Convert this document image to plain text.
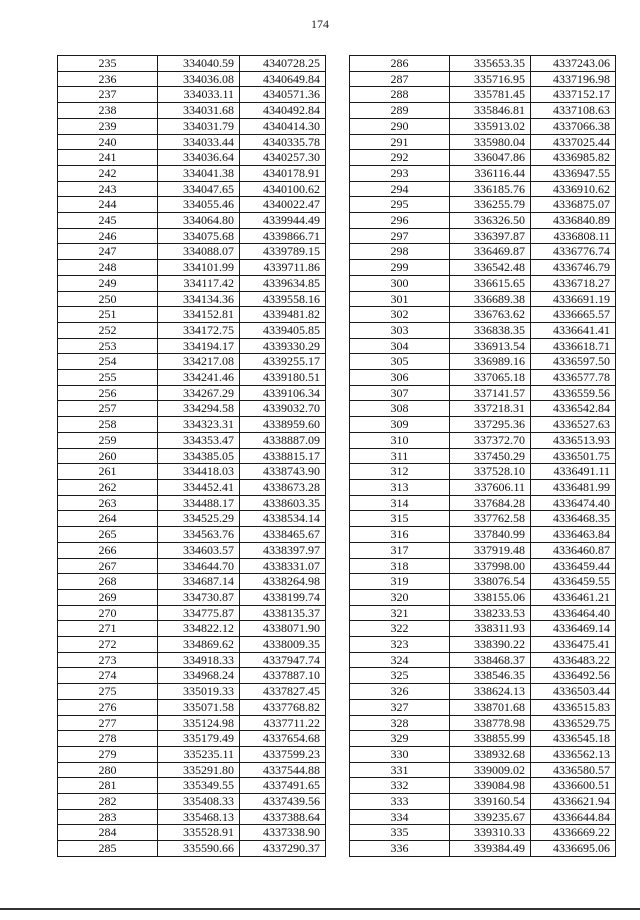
174
235	334040.59	4340728.25
236	334036.08	4340649.84
237	334033.11	4340571.36
238	334031.68	4340492.84
239	334031.79	4340414.30
240	334033.44	4340335.78
241	334036.64	4340257.30
242	334041.38	4340178.91
243	334047.65	4340100.62
244	334055.46	4340022.47
245	334064.80	4339944.49
246	334075.68	4339866.71
247	334088.07	4339789.15
248	334101.99	4339711.86
249	334117.42	4339634.85
250	334134.36	4339558.16
251	334152.81	4339481.82
252	334172.75	4339405.85
253	334194.17	4339330.29
254	334217.08	4339255.17
255	334241.46	4339180.51
256	334267.29	4339106.34
257	334294.58	4339032.70
258	334323.31	4338959.60
259	334353.47	4338887.09
260	334385.05	4338815.17
261	334418.03	4338743.90
262	334452.41	4338673.28
263	334488.17	4338603.35
264	334525.29	4338534.14
265	334563.76	4338465.67
266	334603.57	4338397.97
267	334644.70	4338331.07
268	334687.14	4338264.98
269	334730.87	4338199.74
270	334775.87	4338135.37
271	334822.12	4338071.90
272	334869.62	4338009.35
273	334918.33	4337947.74
274	334968.24	4337887.10
275	335019.33	4337827.45
276	335071.58	4337768.82
277	335124.98	4337711.22
278	335179.49	4337654.68
279	335235.11	4337599.23
280	335291.80	4337544.88
281	335349.55	4337491.65
282	335408.33	4337439.56
283	335468.13	4337388.64
284	335528.91	4337338.90
285	335590.66	4337290.37
286	335653.35	4337243.06
287	335716.95	4337196.98
288	335781.45	4337152.17
289	335846.81	4337108.63
290	335913.02	4337066.38
291	335980.04	4337025.44
292	336047.86	4336985.82
293	336116.44	4336947.55
294	336185.76	4336910.62
295	336255.79	4336875.07
296	336326.50	4336840.89
297	336397.87	4336808.11
298	336469.87	4336776.74
299	336542.48	4336746.79
300	336615.65	4336718.27
301	336689.38	4336691.19
302	336763.62	4336665.57
303	336838.35	4336641.41
304	336913.54	4336618.71
305	336989.16	4336597.50
306	337065.18	4336577.78
307	337141.57	4336559.56
308	337218.31	4336542.84
309	337295.36	4336527.63
310	337372.70	4336513.93
311	337450.29	4336501.75
312	337528.10	4336491.11
313	337606.11	4336481.99
314	337684.28	4336474.40
315	337762.58	4336468.35
316	337840.99	4336463.84
317	337919.48	4336460.87
318	337998.00	4336459.44
319	338076.54	4336459.55
320	338155.06	4336461.21
321	338233.53	4336464.40
322	338311.93	4336469.14
323	338390.22	4336475.41
324	338468.37	4336483.22
325	338546.35	4336492.56
326	338624.13	4336503.44
327	338701.68	4336515.83
328	338778.98	4336529.75
329	338855.99	4336545.18
330	338932.68	4336562.13
331	339009.02	4336580.57
332	339084.98	4336600.51
333	339160.54	4336621.94
334	339235.67	4336644.84
335	339310.33	4336669.22
336	339384.49	4336695.06
